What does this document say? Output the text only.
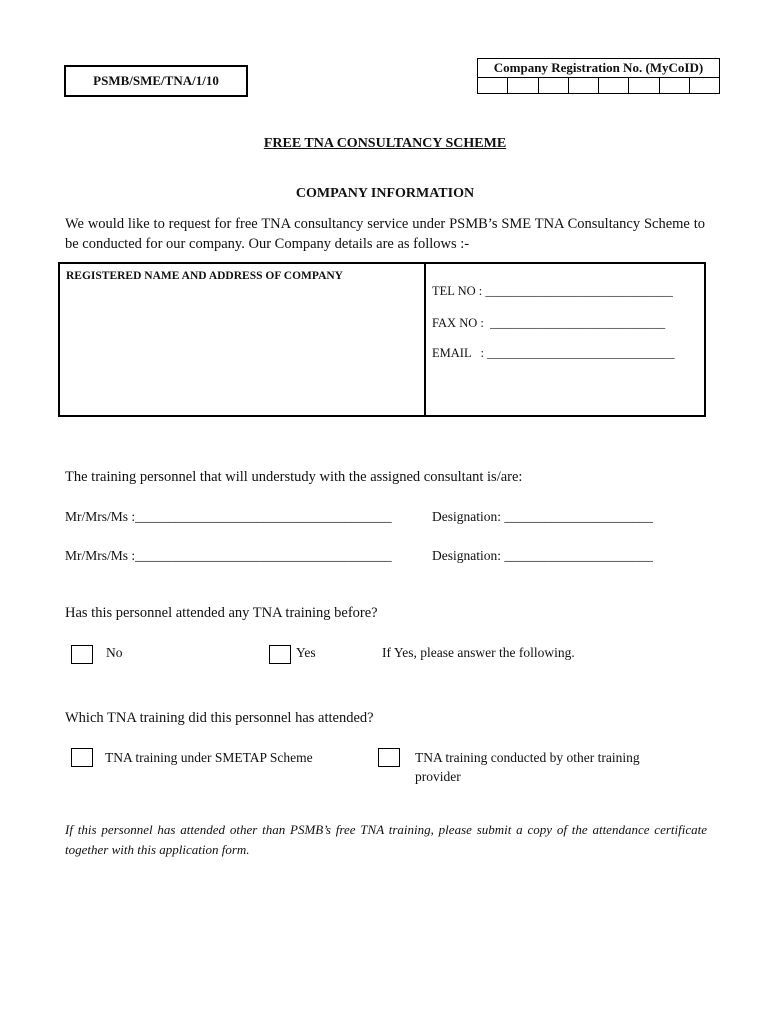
PSMB/SME/TNA/1/10
Company Registration No. (MyCoID)
FREE TNA CONSULTANCY SCHEME
COMPANY INFORMATION
We would like to request for free TNA consultancy service under PSMB’s SME TNA Consultancy Scheme to be conducted for our company. Our Company details are as follows :-
REGISTERED NAME AND ADDRESS OF COMPANY
TEL NO : ______________________________
FAX NO :  ____________________________
EMAIL   : ______________________________
The training personnel that will understudy with the assigned consultant is/are:
Mr/Mrs/Ms :______________________________________	Designation: ______________________
Mr/Mrs/Ms :______________________________________	Designation: ______________________
Has this personnel attended any TNA training before?
No	Yes	If Yes, please answer the following.
Which TNA training did this personnel has attended?
TNA training under SMETAP Scheme	TNA training conducted by other training
provider
If this personnel has attended other than PSMB’s free TNA training, please submit a copy of the attendance certificate together with this application form.
